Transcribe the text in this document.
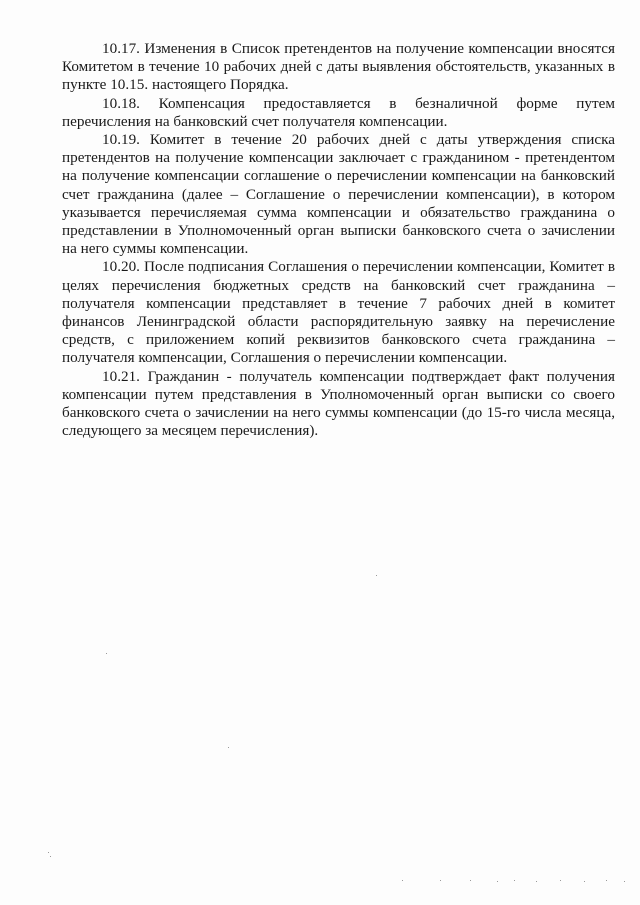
10.17. Изменения в Список претендентов на получение компенсации вносятся
Комитетом в течение 10 рабочих дней с даты выявления обстоятельств, указанных в
пункте 10.15. настоящего Порядка.

10.18. Компенсация предоставляется в безналичной форме путем
перечисления на банковский счет получателя компенсации.

10.19. Комитет в течение 20 рабочих дней с даты утверждения списка
претендентов на получение компенсации заключает с гражданином - претендентом
на получение компенсации соглашение о перечислении компенсации на банковский
счет гражданина (далее – Соглашение о перечислении компенсации), в котором
указывается перечисляемая сумма компенсации и обязательство гражданина о
представлении в Уполномоченный орган выписки банковского счета о зачислении
на него суммы компенсации.

10.20. После подписания Соглашения о перечислении компенсации, Комитет в
целях перечисления бюджетных средств на банковский счет гражданина –
получателя компенсации представляет в течение 7 рабочих дней в комитет
финансов Ленинградской области распорядительную заявку на перечисление
средств, с приложением копий реквизитов банковского счета гражданина –
получателя компенсации, Соглашения о перечислении компенсации.

10.21. Гражданин - получатель компенсации подтверждает факт получения
компенсации путем представления в Уполномоченный орган выписки со своего
банковского счета о зачислении на него суммы компенсации (до 15-го числа месяца,
следующего за месяцем перечисления).
